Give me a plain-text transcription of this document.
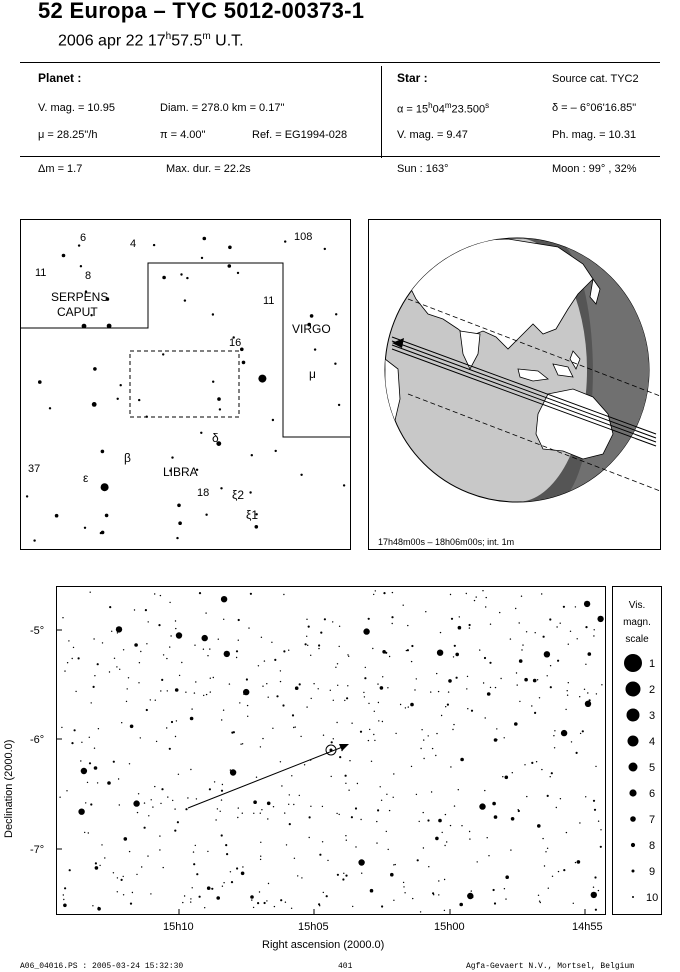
52 Europa – TYC 5012-00373-1
2006 apr 22 17$^h$57.5$^m$ U.T.
Planet :
V. mag. = 10.95	Diam. = 278.0 km = 0.17"
μ = 28.25"/h	π = 4.00"	Ref. = EG1994-028
Star :	Source cat. TYC2
$\alpha = 15^h04^m23.500^s$	δ = – 6°06'16.85"
V. mag. = 9.47	Ph. mag. = 10.31
Δm = 1.7	Max. dur. = 22.2s	Sun : 163°	Moon : 99° , 32%
SERPENS
CAPUT
VIRGO
LIBRA
6	4
11	8
108
11
16
μ
δ
β
37
ε
18 ξ2
ξ1
17h48m00s – 18h06m00s; int. 1m
15h10	15h05	15h00	14h55
-5°
-6°
-7°
Right ascension (2000.0)
Declination (2000.0)
Vis.
magn.
scale
1
2
3
4
5
6
7
8
9
10
A06_04016.PS : 2005-03-24 15:32:30	401	Agfa-Gevaert N.V., Mortsel, Belgium
